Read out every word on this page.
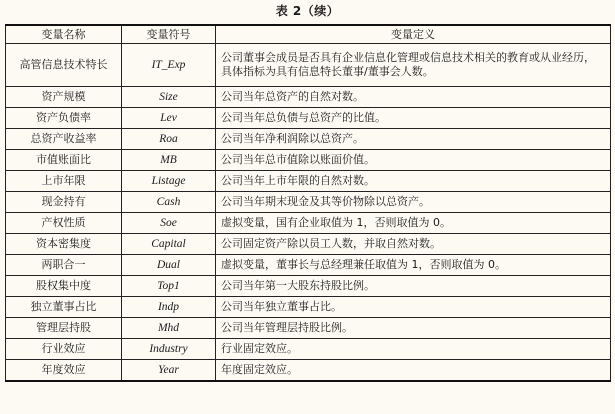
表 2（续）
变量名称	变量符号	变量定义
高管信息技术特长	IT_Exp	公司董事会成员是否具有企业信息化管理或信息技术相关的教育或从业经历，具体指标为具有信息特长董事/董事会人数。
资产规模	Size	公司当年总资产的自然对数。
资产负债率	Lev	公司当年总负债与总资产的比值。
总资产收益率	Roa	公司当年净利润除以总资产。
市值账面比	MB	公司当年总市值除以账面价值。
上市年限	Listage	公司当年上市年限的自然对数。
现金持有	Cash	公司当年期末现金及其等价物除以总资产。
产权性质	Soe	虚拟变量，国有企业取值为 1，否则取值为 0。
资本密集度	Capital	公司固定资产除以员工人数，并取自然对数。
两职合一	Dual	虚拟变量，董事长与总经理兼任取值为 1，否则取值为 0。
股权集中度	Top1	公司当年第一大股东持股比例。
独立董事占比	Indp	公司当年独立董事占比。
管理层持股	Mhd	公司当年管理层持股比例。
行业效应	Industry	行业固定效应。
年度效应	Year	年度固定效应。
